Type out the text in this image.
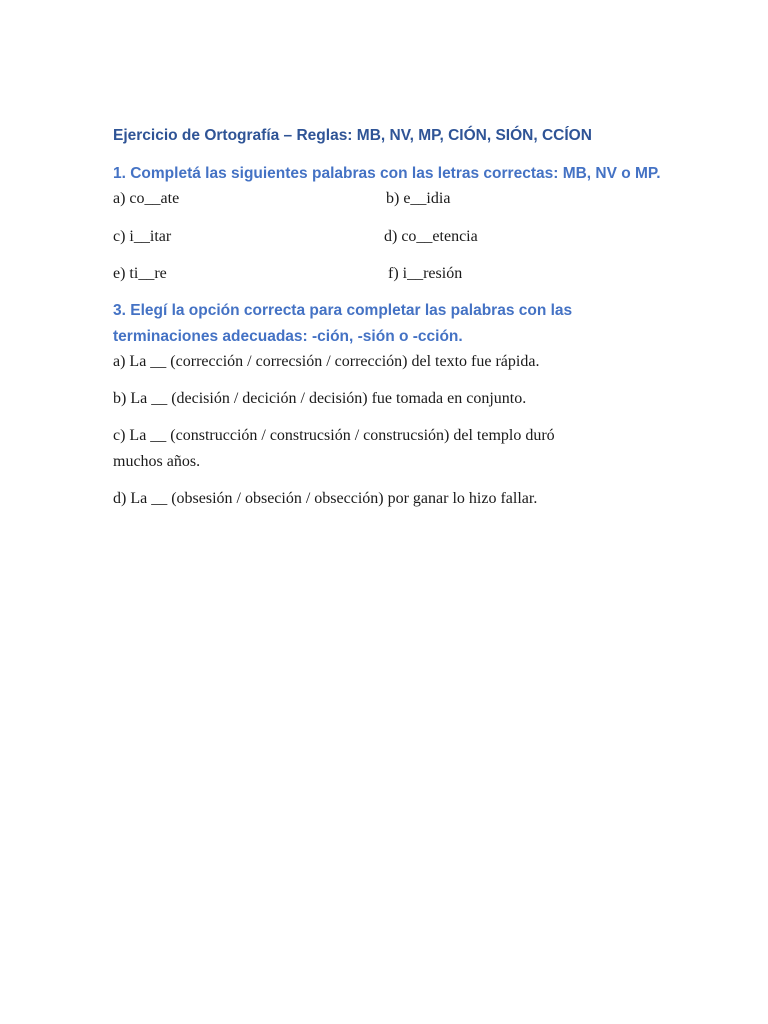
Ejercicio de Ortografía – Reglas: MB, NV, MP, CIÓN, SIÓN, CCÍON
1. Completá las siguientes palabras con las letras correctas: MB, NV o MP.
a) co__ate	b) e__idia
c) i__itar	d) co__etencia
e) ti__re	f) i__resión
3. Elegí la opción correcta para completar las palabras con las
terminaciones adecuadas: -ción, -sión o -cción.
a) La __ (corrección / correcsión / corrección) del texto fue rápida.
b) La __ (decisión / decición / decisión) fue tomada en conjunto.
c) La __ (construcción / construcsión / construcsión) del templo duró
muchos años.
d) La __ (obsesión / obseción / obsección) por ganar lo hizo fallar.
